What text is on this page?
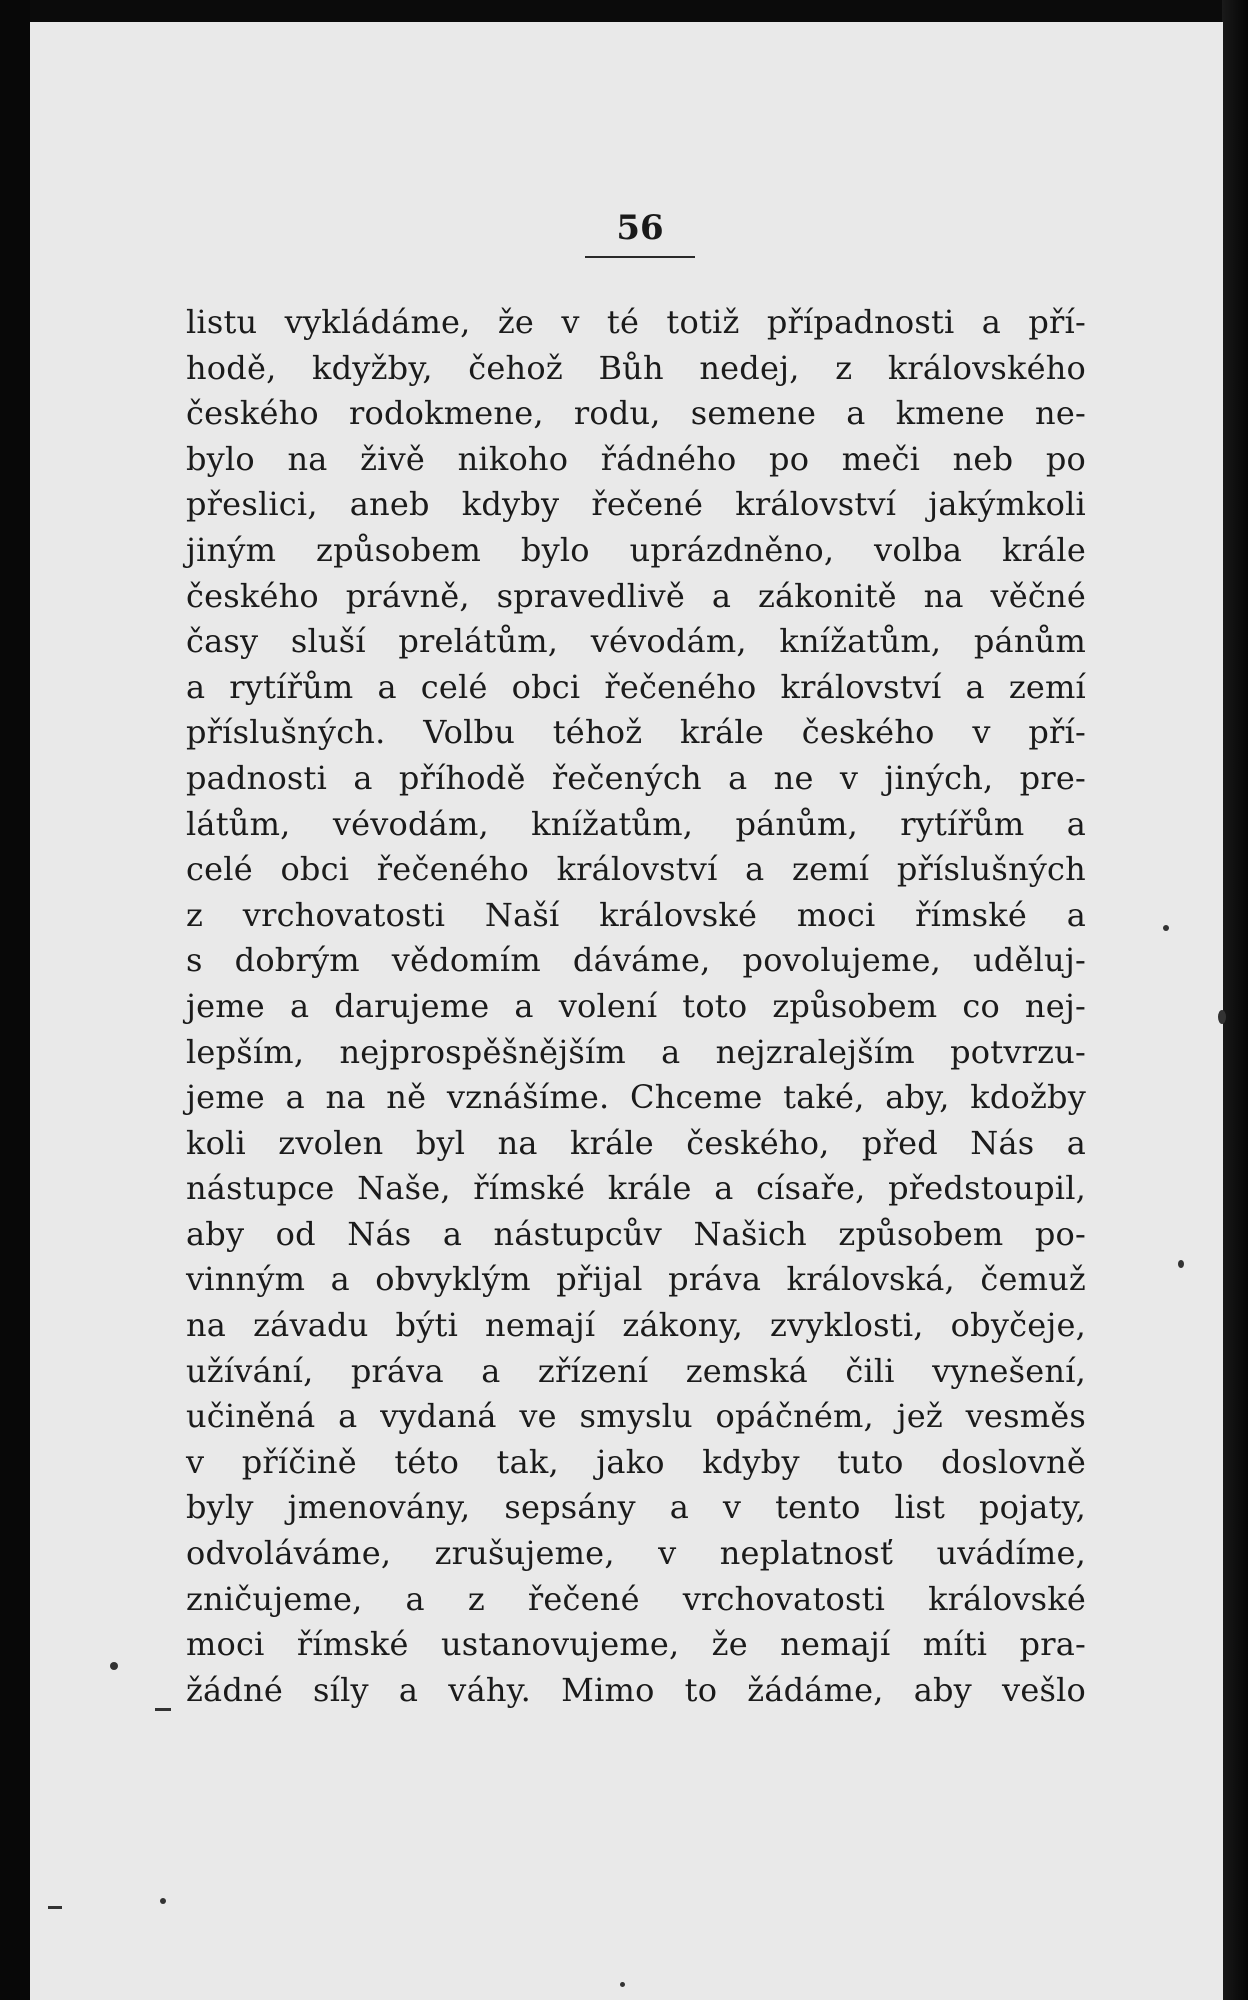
56
listu vykládáme, že v té totiž případnosti a pří-
hodě, kdyžby, čehož Bůh nedej, z královského
českého rodokmene, rodu, semene a kmene ne-
bylo na živě nikoho řádného po meči neb po
přeslici, aneb kdyby řečené království jakýmkoli
jiným způsobem bylo uprázdněno, volba krále
českého právně, spravedlivě a zákonitě na věčné
časy sluší prelátům, vévodám, knížatům, pánům
a rytířům a celé obci řečeného království a zemí
příslušných. Volbu téhož krále českého v pří-
padnosti a příhodě řečených a ne v jiných, pre-
látům, vévodám, knížatům, pánům, rytířům a
celé obci řečeného království a zemí příslušných
z vrchovatosti Naší královské moci římské a
s dobrým vědomím dáváme, povolujeme, uděluj-
jeme a darujeme a volení toto způsobem co nej-
lepším, nejprospěšnějším a nejzralejším potvrzu-
jeme a na ně vznášíme. Chceme také, aby, kdožby
koli zvolen byl na krále českého, před Nás a
nástupce Naše, římské krále a císaře, předstoupil,
aby od Nás a nástupcův Našich způsobem po-
vinným a obvyklým přijal práva královská, čemuž
na závadu býti nemají zákony, zvyklosti, obyčeje,
užívání, práva a zřízení zemská čili vynešení,
učiněná a vydaná ve smyslu opáčném, jež vesměs
v příčině této tak, jako kdyby tuto doslovně
byly jmenovány, sepsány a v tento list pojaty,
odvoláváme, zrušujeme, v neplatnosť uvádíme,
zničujeme, a z řečené vrchovatosti královské
moci římské ustanovujeme, že nemají míti pra-
žádné síly a váhy. Mimo to žádáme, aby vešlo
